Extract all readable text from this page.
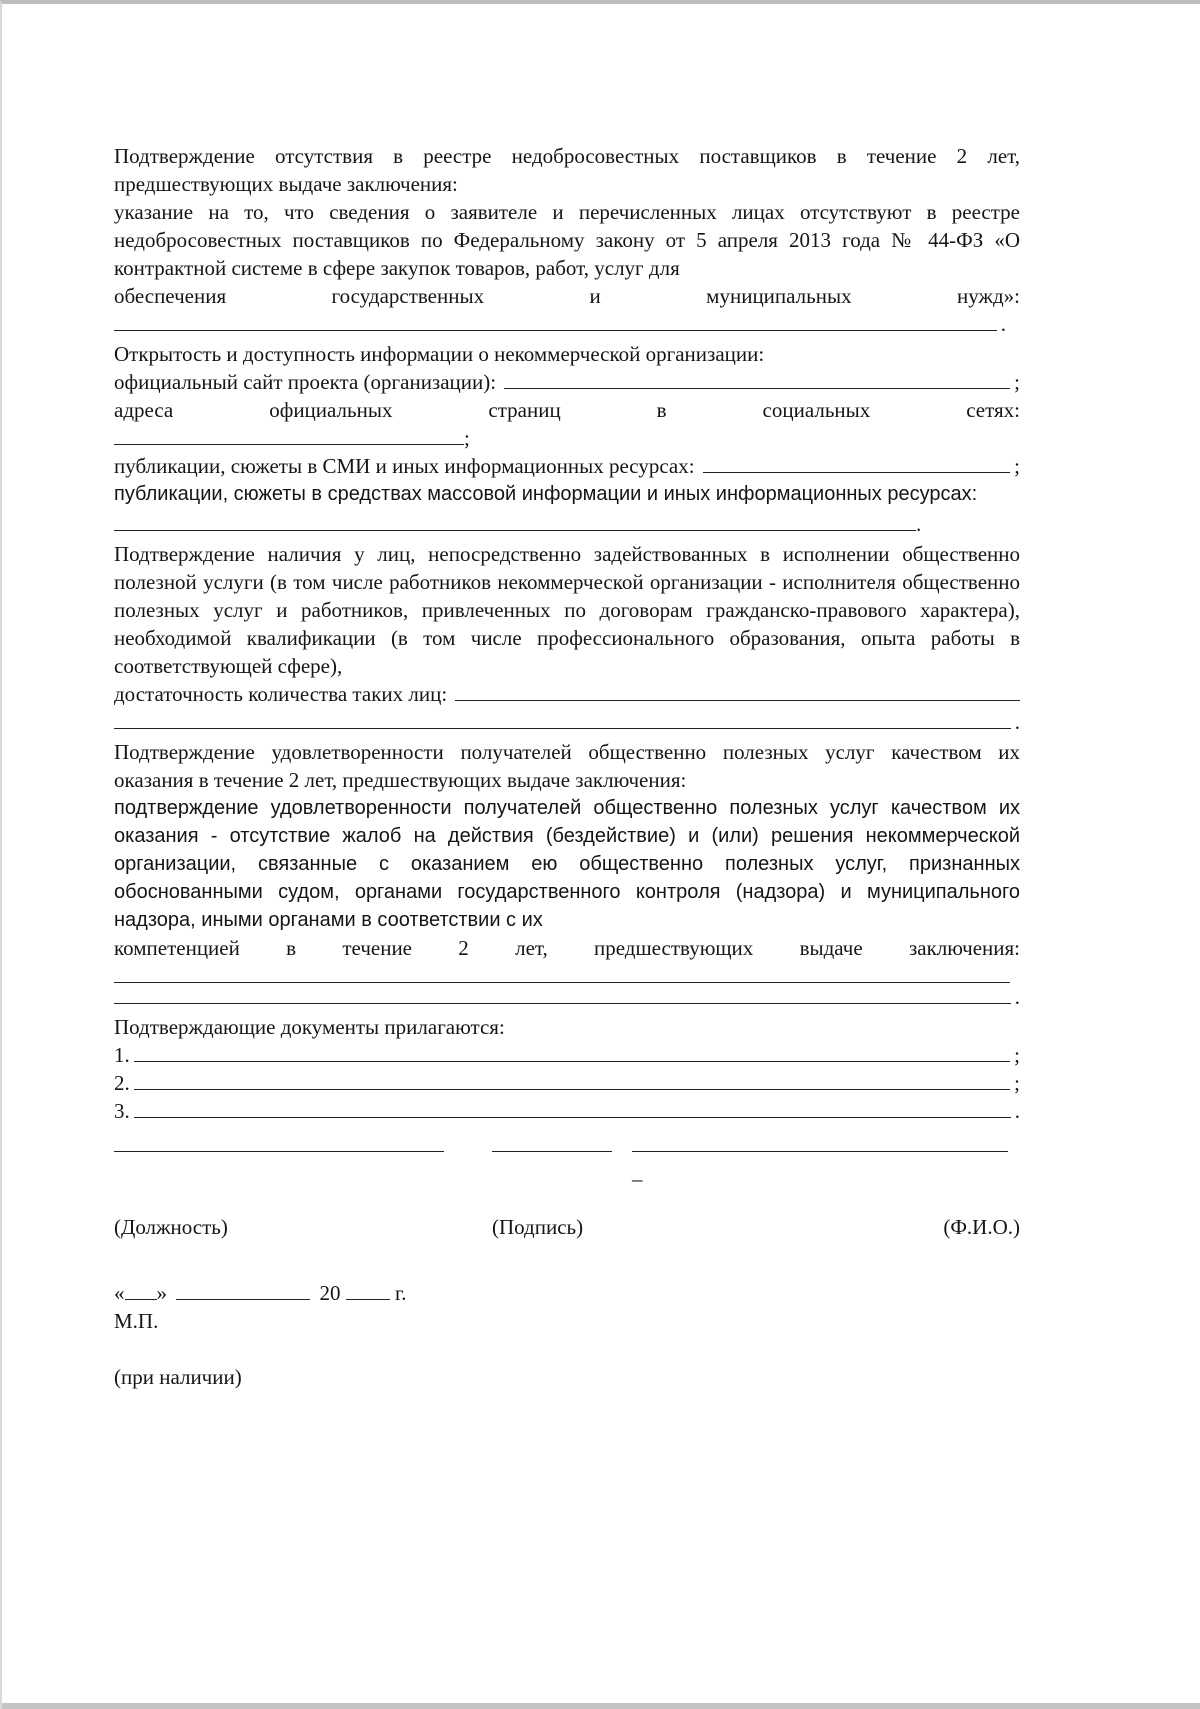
Подтверждение отсутствия в реестре недобросовестных поставщиков в течение 2 лет, предшествующих выдаче заключения:

указание на то, что сведения о заявителе и перечисленных лицах отсутствуют в реестре недобросовестных поставщиков по Федеральному закону от 5 апреля 2013 года № 44-ФЗ «О контрактной системе в сфере закупок товаров, работ, услуг для

обеспечения государственных и муниципальных нужд»:

.

Открытость и доступность информации о некоммерческой организации:

официальный сайт проекта (организации):	;

адреса официальных страниц в социальных сетях:

;
публикации, сюжеты в СМИ и иных информационных ресурсах:	;

публикации, сюжеты в средствах массовой информации и иных информационных ресурсах:

.

Подтверждение наличия у лиц, непосредственно задействованных в исполнении общественно полезной услуги (в том числе работников некоммерческой организации - исполнителя общественно полезных услуг и работников, привлеченных по договорам гражданско-правового характера), необходимой квалификации (в том числе профессионального образования, опыта работы в соответствующей сфере),

достаточность количества таких лиц:
.

Подтверждение удовлетворенности получателей общественно полезных услуг качеством их оказания в течение 2 лет, предшествующих выдаче заключения:

подтверждение удовлетворенности получателей общественно полезных услуг качеством их оказания - отсутствие жалоб на действия (бездействие) и (или) решения некоммерческой организации, связанные с оказанием ею общественно полезных услуг, признанных обоснованными судом, органами государственного контроля (надзора) и муниципального надзора, иными органами в соответствии с их

компетенцией в течение 2 лет, предшествующих выдаче заключения:

.

Подтверждающие документы прилагаются:

1.	;
2.	;
3.	.
–
(Должность)	(Подпись)	(Ф.И.О.)
« »	20	г.

М.П.

(при наличии)
